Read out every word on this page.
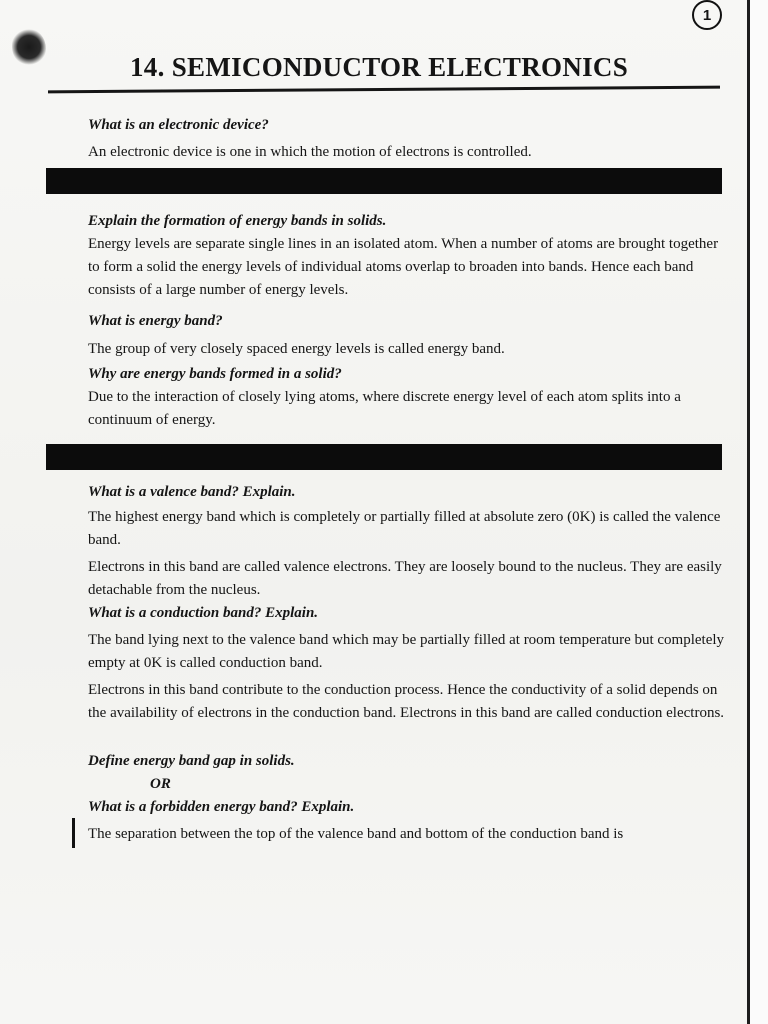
1
14. SEMICONDUCTOR ELECTRONICS
What is an electronic device?
An electronic device is one in which the motion of electrons is controlled.
Explain the formation of energy bands in solids.
Energy levels are separate single lines in an isolated atom. When a number of atoms are brought together to form a solid the energy levels of individual atoms overlap to broaden into bands. Hence each band consists of a large number of energy levels.
What is energy band?
The group of very closely spaced energy levels is called energy band.
Why are energy bands formed in a solid?
Due to the interaction of closely lying atoms, where discrete energy level of each atom splits into a continuum of energy.
What is a valence band? Explain.
The highest energy band which is completely or partially filled at absolute zero (0K) is called the valence band.
Electrons in this band are called valence electrons. They are loosely bound to the nucleus. They are easily detachable from the nucleus.
What is a conduction band? Explain.
The band lying next to the valence band which may be partially filled at room temperature but completely empty at 0K is called conduction band.
Electrons in this band contribute to the conduction process. Hence the conductivity of a solid depends on the availability of electrons in the conduction band. Electrons in this band are called conduction electrons.
Define energy band gap in solids.
OR
What is a forbidden energy band? Explain.
The separation between the top of the valence band and bottom of the conduction band is
